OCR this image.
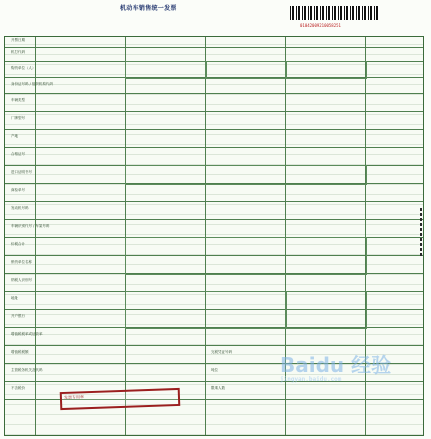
机动车销售统一发票
01042009210058251
开票日期
机打代码
购货单位（人）
身份证号码 / 组织机构代码
车辆类型
厂牌型号
产地
合格证号
进口证明书号
商检单号
发动机号码
车辆识别代号 / 车架号码
价税合计
销货单位名称
纳税人识别号
地址
开户银行
增值税税率或征收率
增值税税额
主管税务机关及代码
不含税价
完税凭证号码
吨位
限乘人数
发票专用章
Baidu 经验
jingyan.baidu.com
